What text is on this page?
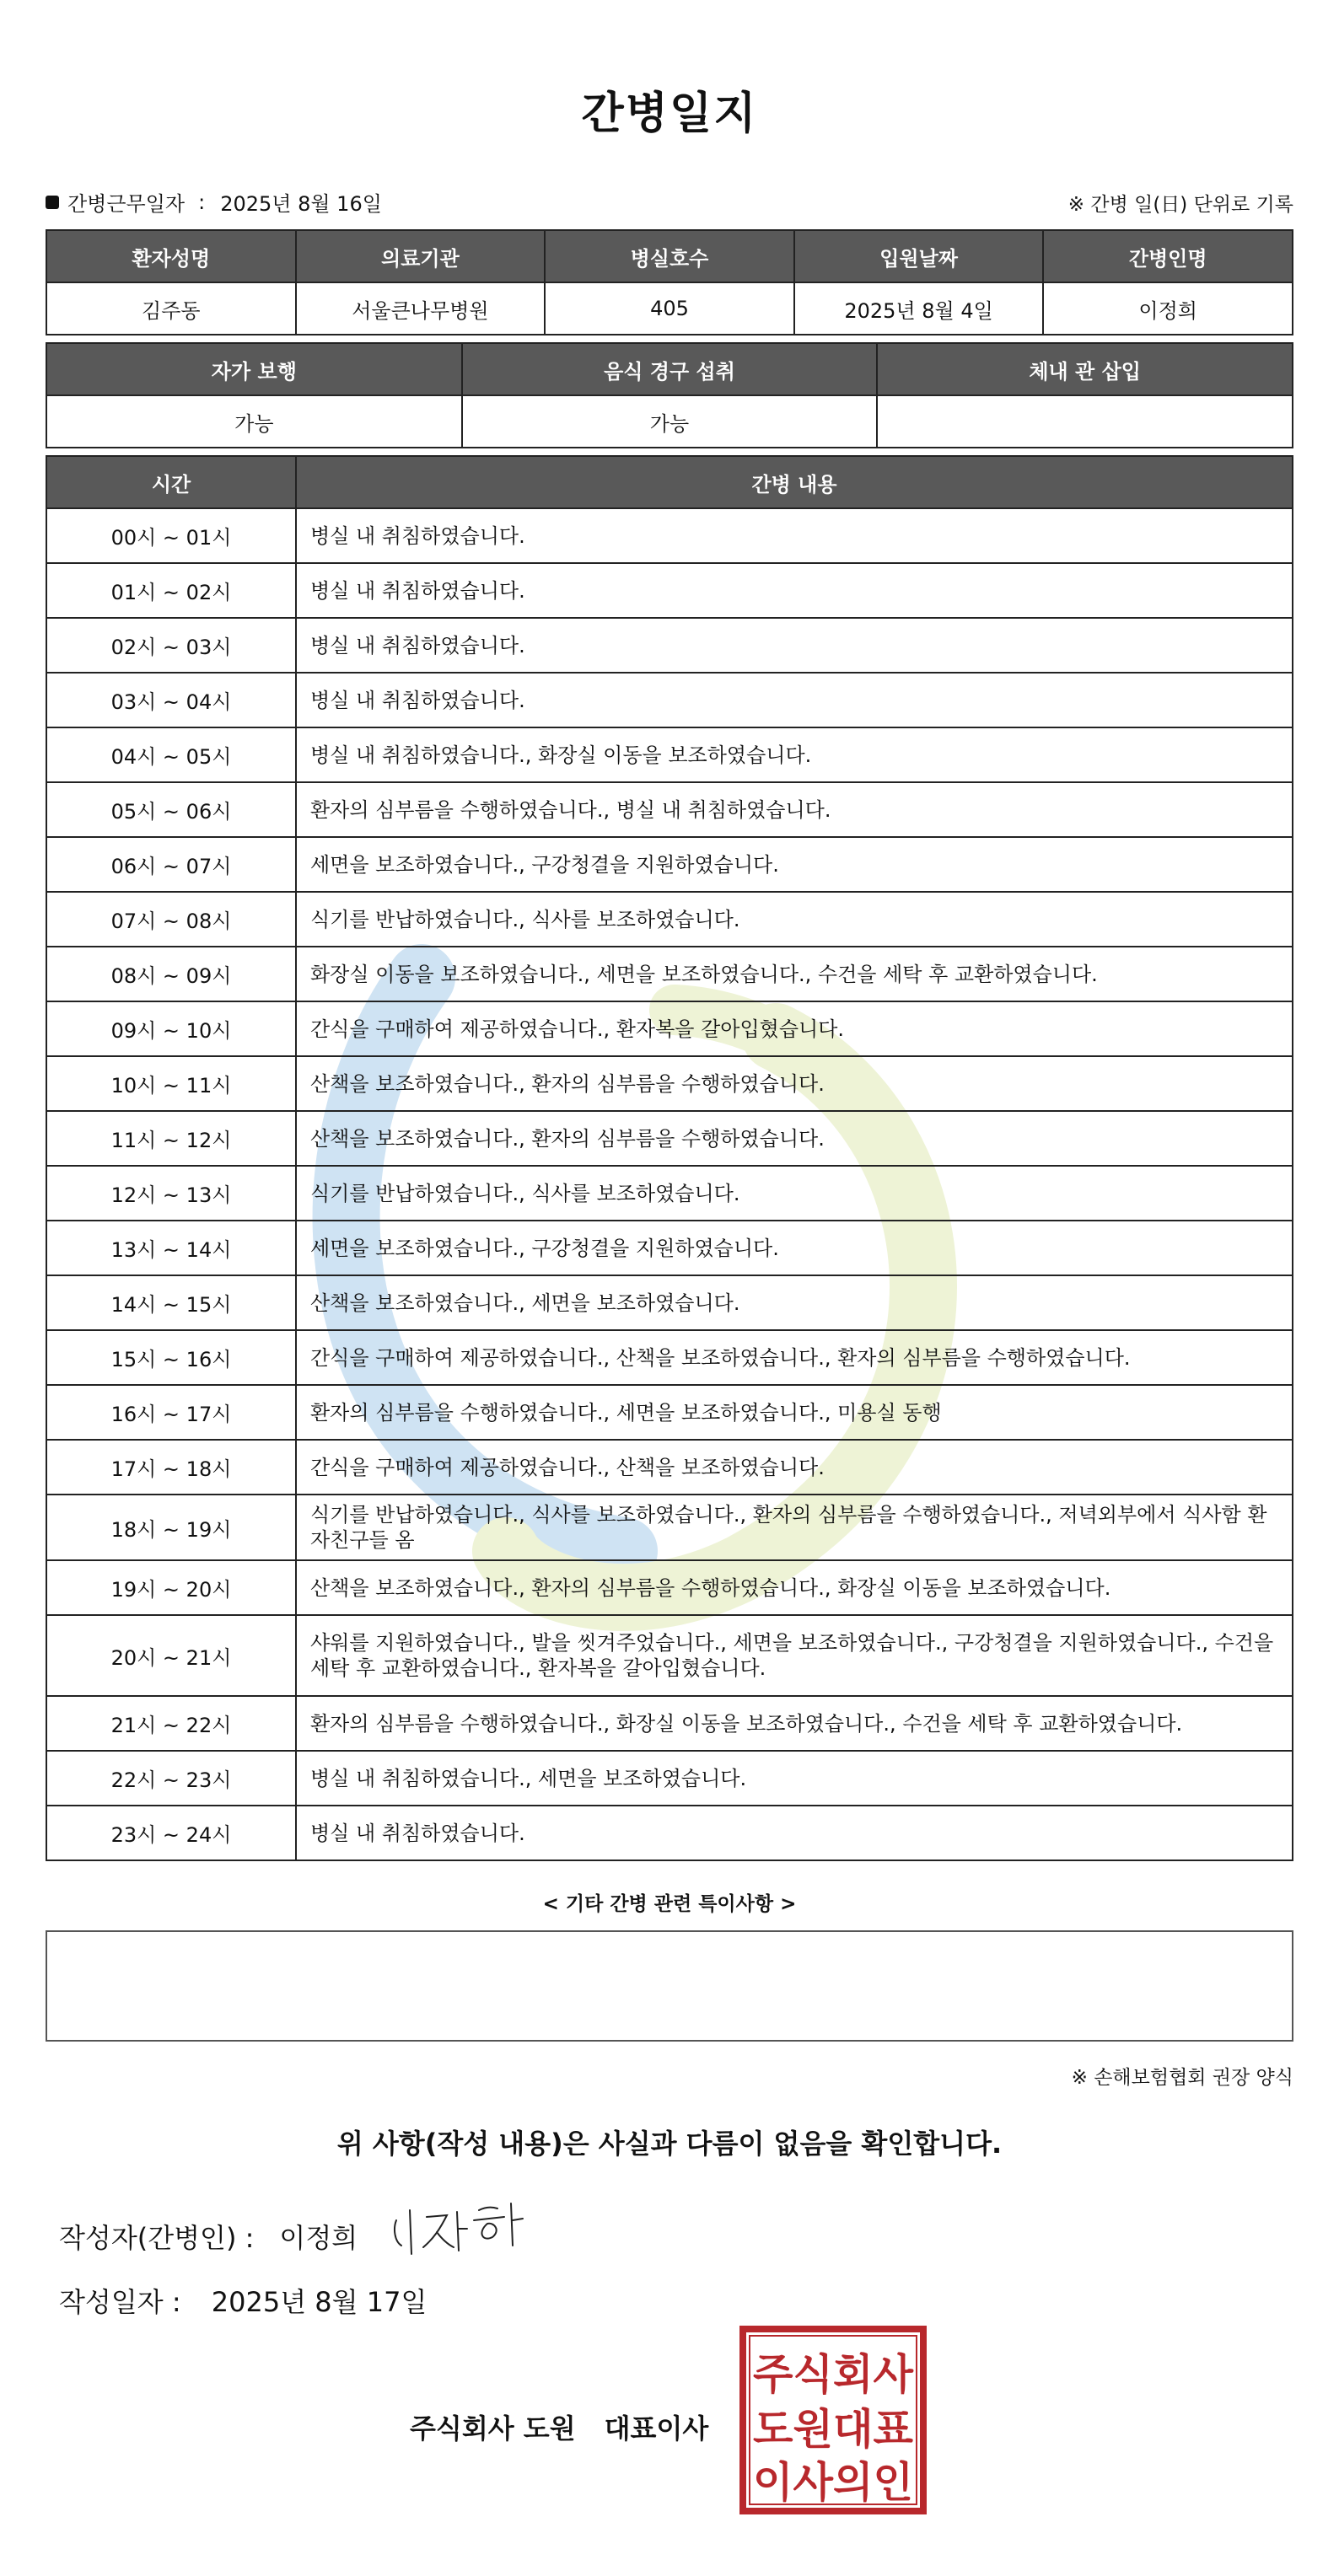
간병일지
간병근무일자 : 2025년 8월 16일	※ 간병 일(日) 단위로 기록
환자성명	의료기관	병실호수	입원날짜	간병인명
김주동	서울큰나무병원	405	2025년 8월 4일	이정희
자가 보행	음식 경구 섭취	체내 관 삽입
가능	가능	
시간	간병 내용
00시 ~ 01시	병실 내 취침하였습니다.
01시 ~ 02시	병실 내 취침하였습니다.
02시 ~ 03시	병실 내 취침하였습니다.
03시 ~ 04시	병실 내 취침하였습니다.
04시 ~ 05시	병실 내 취침하였습니다., 화장실 이동을 보조하였습니다.
05시 ~ 06시	환자의 심부름을 수행하였습니다., 병실 내 취침하였습니다.
06시 ~ 07시	세면을 보조하였습니다., 구강청결을 지원하였습니다.
07시 ~ 08시	식기를 반납하였습니다., 식사를 보조하였습니다.
08시 ~ 09시	화장실 이동을 보조하였습니다., 세면을 보조하였습니다., 수건을 세탁 후 교환하였습니다.
09시 ~ 10시	간식을 구매하여 제공하였습니다., 환자복을 갈아입혔습니다.
10시 ~ 11시	산책을 보조하였습니다., 환자의 심부름을 수행하였습니다.
11시 ~ 12시	산책을 보조하였습니다., 환자의 심부름을 수행하였습니다.
12시 ~ 13시	식기를 반납하였습니다., 식사를 보조하였습니다.
13시 ~ 14시	세면을 보조하였습니다., 구강청결을 지원하였습니다.
14시 ~ 15시	산책을 보조하였습니다., 세면을 보조하였습니다.
15시 ~ 16시	간식을 구매하여 제공하였습니다., 산책을 보조하였습니다., 환자의 심부름을 수행하였습니다.
16시 ~ 17시	환자의 심부름을 수행하였습니다., 세면을 보조하였습니다., 미용실 동행
17시 ~ 18시	간식을 구매하여 제공하였습니다., 산책을 보조하였습니다.
18시 ~ 19시	식기를 반납하였습니다., 식사를 보조하였습니다., 환자의 심부름을 수행하였습니다., 저녁외부에서 식사함 환자친구들 옴
19시 ~ 20시	산책을 보조하였습니다., 환자의 심부름을 수행하였습니다., 화장실 이동을 보조하였습니다.
20시 ~ 21시	샤워를 지원하였습니다., 발을 씻겨주었습니다., 세면을 보조하였습니다., 구강청결을 지원하였습니다., 수건을 세탁 후 교환하였습니다., 환자복을 갈아입혔습니다.
21시 ~ 22시	환자의 심부름을 수행하였습니다., 화장실 이동을 보조하였습니다., 수건을 세탁 후 교환하였습니다.
22시 ~ 23시	병실 내 취침하였습니다., 세면을 보조하였습니다.
23시 ~ 24시	병실 내 취침하였습니다.
< 기타 간병 관련 특이사항 >
※ 손해보험협회 권장 양식
위 사항(작성 내용)은 사실과 다름이 없음을 확인합니다.
작성자(간병인) : 이정희
작성일자 : 2025년 8월 17일
주식회사 도원 대표이사
주식회사
도원대표
이사의인
